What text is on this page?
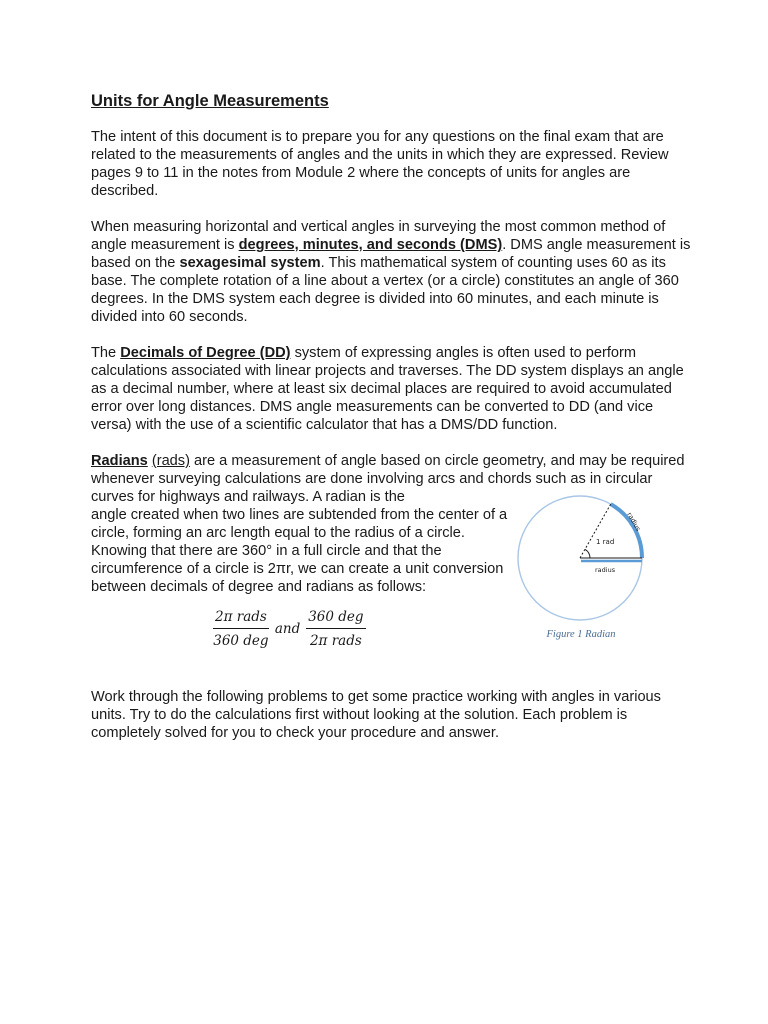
Units for Angle Measurements

The intent of this document is to prepare you for any questions on the final exam that are related to the measurements of angles and the units in which they are expressed. Review pages 9 to 11 in the notes from Module 2 where the concepts of units for angles are described.

When measuring horizontal and vertical angles in surveying the most common method of angle measurement is degrees, minutes, and seconds (DMS). DMS angle measurement is based on the sexagesimal system. This mathematical system of counting uses 60 as its base. The complete rotation of a line about a vertex (or a circle) constitutes an angle of 360 degrees. In the DMS system each degree is divided into 60 minutes, and each minute is divided into 60 seconds.

The Decimals of Degree (DD) system of expressing angles is often used to perform calculations associated with linear projects and traverses. The DD system displays an angle as a decimal number, where at least six decimal places are required to avoid accumulated error over long distances. DMS angle measurements can be converted to DD (and vice versa) with the use of a scientific calculator that has a DMS/DD function.

Radians (rads) are a measurement of angle based on circle geometry, and may be required whenever surveying calculations are done involving arcs and chords such as in circular curves for highways and railways. A radian is the
angle created when two lines are subtended from the center of a circle, forming an arc length equal to the radius of a circle. Knowing that there are 360° in a full circle and that the circumference of a circle is 2πr, we can create a unit conversion between decimals of degree and radians as follows:
1 rad
radius
radius
Figure 1 Radian
$\frac{\text{2π rads}}{\text{360 deg}}$ and $\frac{\text{360 deg}}{\text{2π rads}}$

Work through the following problems to get some practice working with angles in various units. Try to do the calculations first without looking at the solution. Each problem is completely solved for you to check your procedure and answer.
